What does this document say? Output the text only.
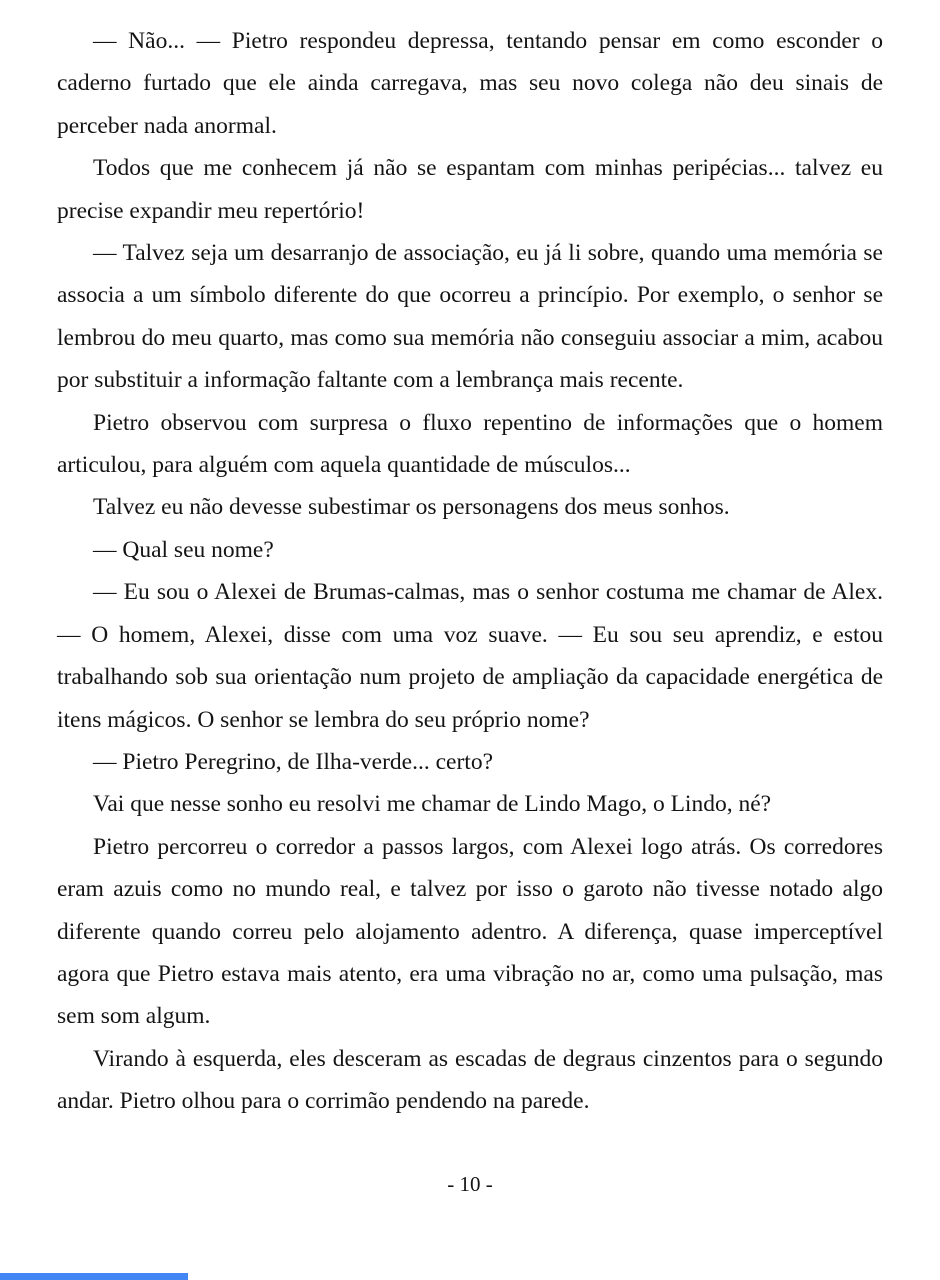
— Não... — Pietro respondeu depressa, tentando pensar em como esconder o caderno furtado que ele ainda carregava, mas seu novo colega não deu sinais de perceber nada anormal.

Todos que me conhecem já não se espantam com minhas peripécias... talvez eu precise expandir meu repertório!

— Talvez seja um desarranjo de associação, eu já li sobre, quando uma memória se associa a um símbolo diferente do que ocorreu a princípio. Por exemplo, o senhor se lembrou do meu quarto, mas como sua memória não conseguiu associar a mim, acabou por substituir a informação faltante com a lembrança mais recente.

Pietro observou com surpresa o fluxo repentino de informações que o homem articulou, para alguém com aquela quantidade de músculos...

Talvez eu não devesse subestimar os personagens dos meus sonhos.

— Qual seu nome?

— Eu sou o Alexei de Brumas-calmas, mas o senhor costuma me chamar de Alex. — O homem, Alexei, disse com uma voz suave. — Eu sou seu aprendiz, e estou trabalhando sob sua orientação num projeto de ampliação da capacidade energética de itens mágicos. O senhor se lembra do seu próprio nome?

— Pietro Peregrino, de Ilha-verde... certo?

Vai que nesse sonho eu resolvi me chamar de Lindo Mago, o Lindo, né?

Pietro percorreu o corredor a passos largos, com Alexei logo atrás. Os corredores eram azuis como no mundo real, e talvez por isso o garoto não tivesse notado algo diferente quando correu pelo alojamento adentro. A diferença, quase imperceptível agora que Pietro estava mais atento, era uma vibração no ar, como uma pulsação, mas sem som algum.

Virando à esquerda, eles desceram as escadas de degraus cinzentos para o segundo andar. Pietro olhou para o corrimão pendendo na parede.

- 10 -
